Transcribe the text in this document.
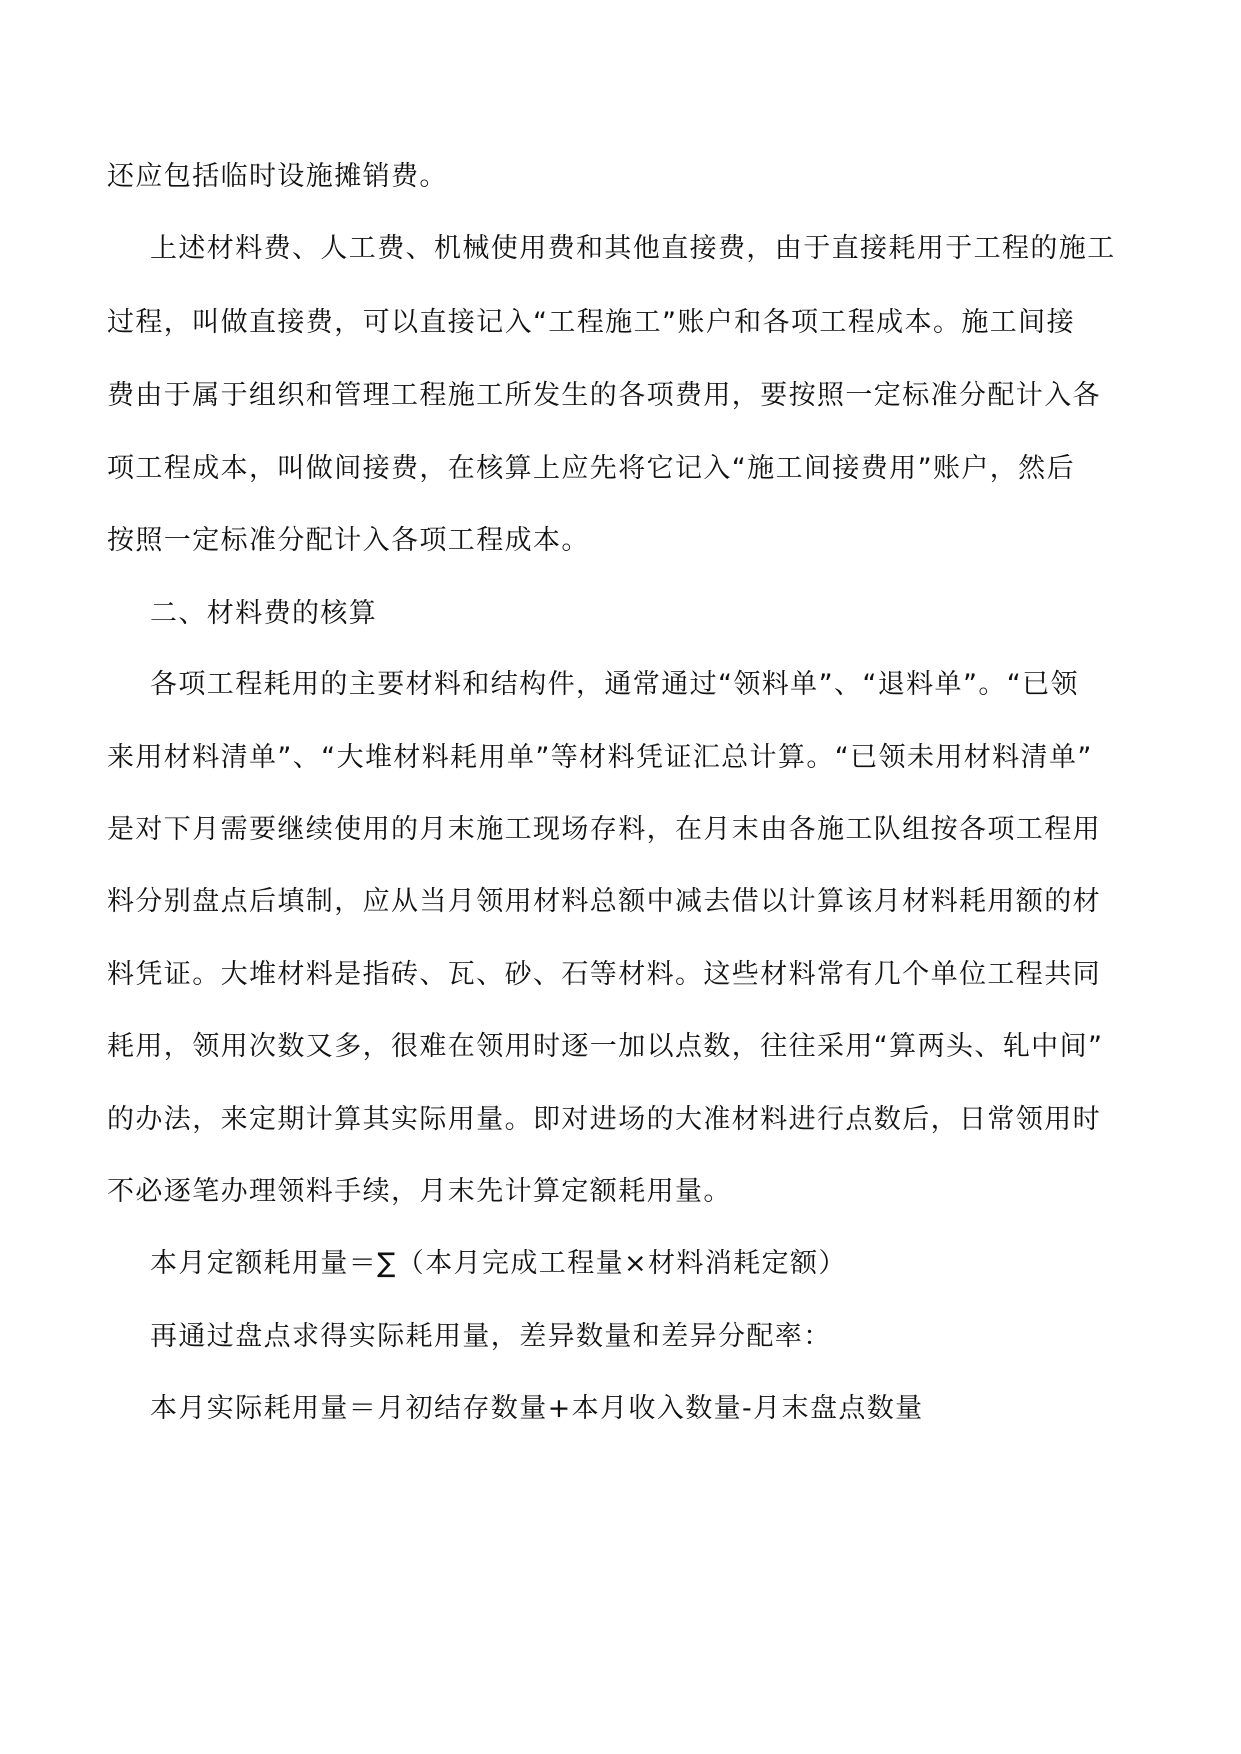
还应包括临时设施摊销费。
上述材料费、人工费、机械使用费和其他直接费，由于直接耗用于工程的施工
过程，叫做直接费，可以直接记入“工程施工”账户和各项工程成本。施工间接
费由于属于组织和管理工程施工所发生的各项费用，要按照一定标准分配计入各
项工程成本，叫做间接费，在核算上应先将它记入“施工间接费用”账户，然后
按照一定标准分配计入各项工程成本。
二、材料费的核算
各项工程耗用的主要材料和结构件，通常通过“领料单”、“退料单”。“已领
来用材料清单”、“大堆材料耗用单”等材料凭证汇总计算。“已领未用材料清单”
是对下月需要继续使用的月末施工现场存料，在月末由各施工队组按各项工程用
料分别盘点后填制，应从当月领用材料总额中减去借以计算该月材料耗用额的材
料凭证。大堆材料是指砖、瓦、砂、石等材料。这些材料常有几个单位工程共同
耗用，领用次数又多，很难在领用时逐一加以点数，往往采用“算两头、轧中间”
的办法，来定期计算其实际用量。即对进场的大准材料进行点数后，日常领用时
不必逐笔办理领料手续，月末先计算定额耗用量。
本月定额耗用量＝∑（本月完成工程量×材料消耗定额）
再通过盘点求得实际耗用量，差异数量和差异分配率：
本月实际耗用量＝月初结存数量+本月收入数量-月末盘点数量
